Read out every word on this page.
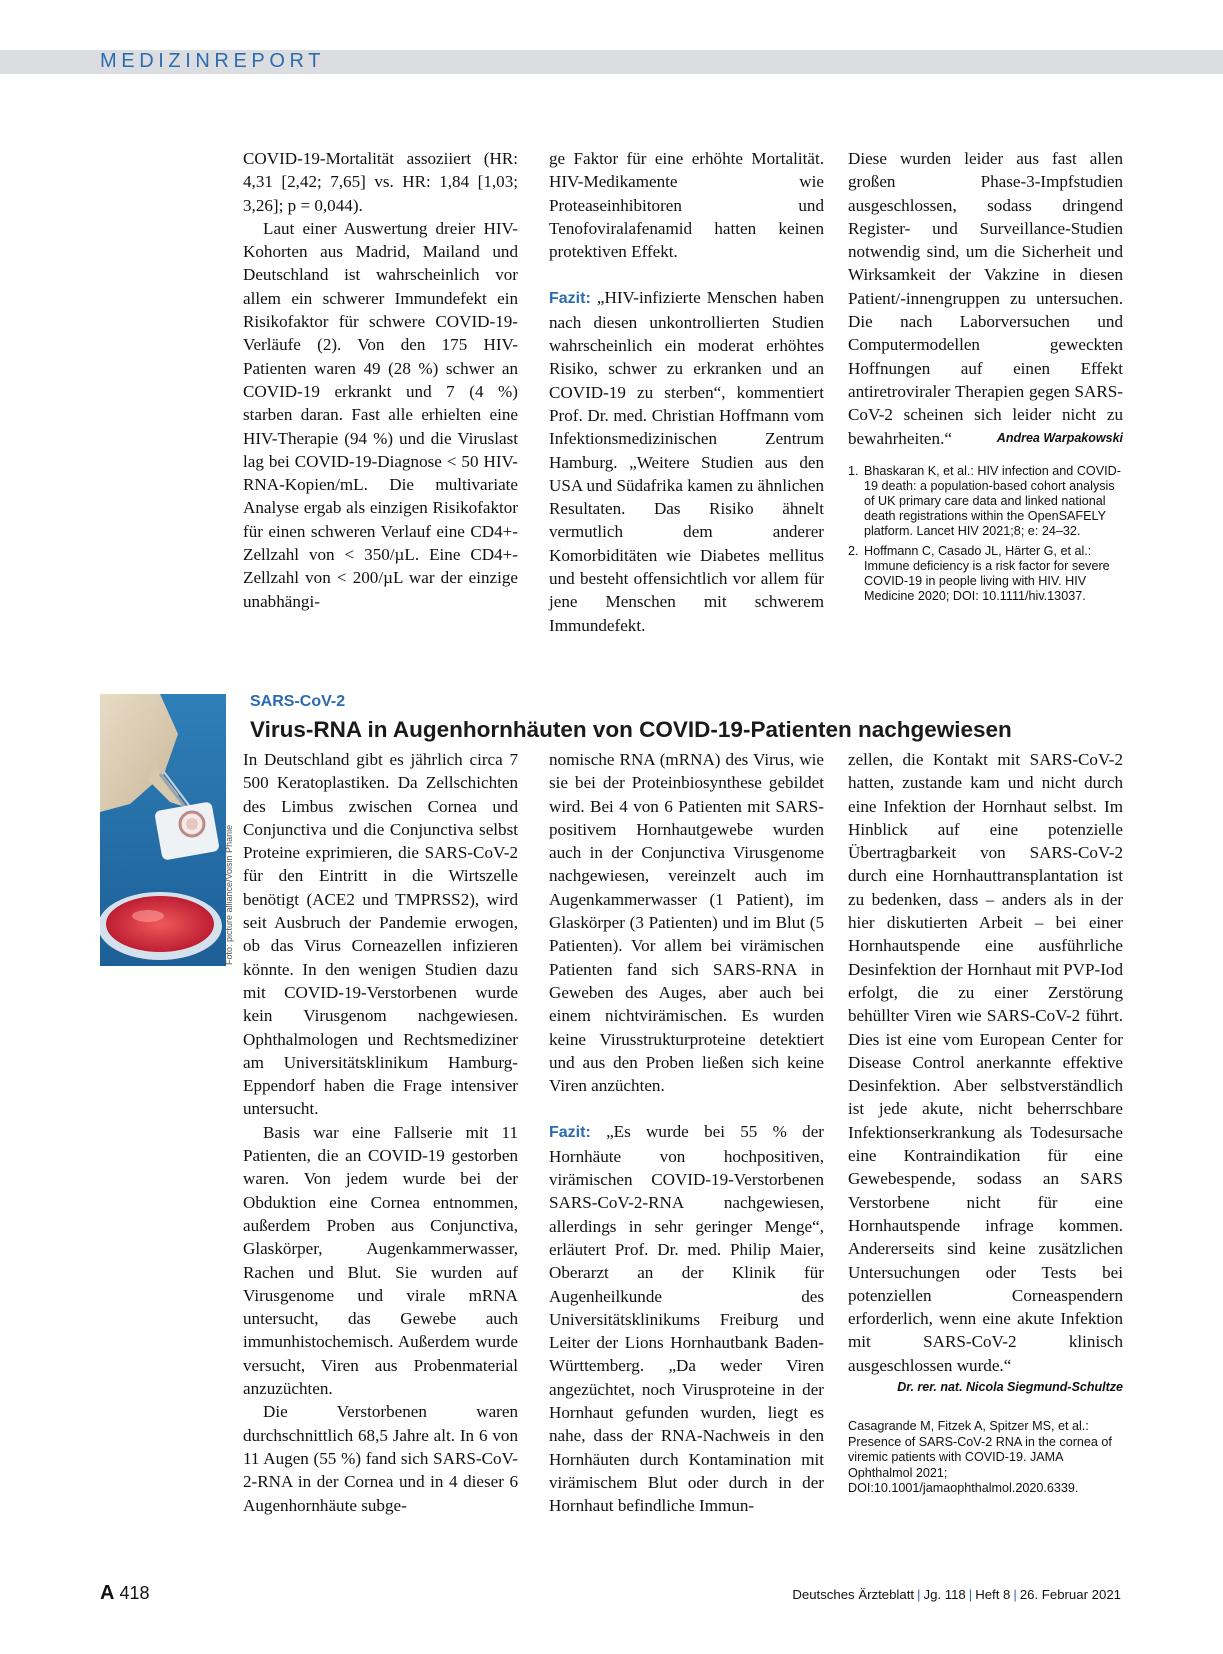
MEDIZINREPORT

COVID-19-Mortalität assoziiert (HR: 4,31 [2,42; 7,65] vs. HR: 1,84 [1,03; 3,26]; p = 0,044).

Laut einer Auswertung dreier HIV-Kohorten aus Madrid, Mailand und Deutschland ist wahrscheinlich vor allem ein schwerer Immundefekt ein Risikofaktor für schwere COVID-19-Verläufe (2). Von den 175 HIV-Patienten waren 49 (28 %) schwer an COVID-19 erkrankt und 7 (4 %) starben daran. Fast alle erhielten eine HIV-Therapie (94 %) und die Viruslast lag bei COVID-19-Diagnose < 50 HIV-RNA-Kopien/mL. Die multivariate Analyse ergab als einzigen Risikofaktor für einen schweren Verlauf eine CD4+-Zellzahl von < 350/µL. Eine CD4+-Zellzahl von < 200/µL war der einzige unabhängi-

ge Faktor für eine erhöhte Mortalität. HIV-Medikamente wie Proteaseinhibitoren und Tenofoviralafenamid hatten keinen protektiven Effekt.

Fazit: „HIV-infizierte Menschen haben nach diesen unkontrollierten Studien wahrscheinlich ein moderat erhöhtes Risiko, schwer zu erkranken und an COVID-19 zu sterben“, kommentiert Prof. Dr. med. Christian Hoffmann vom Infektionsmedizinischen Zentrum Hamburg. „Weitere Studien aus den USA und Südafrika kamen zu ähnlichen Resultaten. Das Risiko ähnelt vermutlich dem anderer Komorbiditäten wie Diabetes mellitus und besteht offensichtlich vor allem für jene Menschen mit schwerem Immundefekt.

Diese wurden leider aus fast allen großen Phase-3-Impfstudien ausgeschlossen, sodass dringend Register- und Surveillance-Studien notwendig sind, um die Sicherheit und Wirksamkeit der Vakzine in diesen Patient/-innengruppen zu untersuchen. Die nach Laborversuchen und Computermodellen geweckten Hoffnungen auf einen Effekt antiretroviraler Therapien gegen SARS-CoV-2 scheinen sich leider nicht zu bewahrheiten.“	Andrea Warpakowski

1. Bhaskaran K, et al.: HIV infection and COVID-19 death: a population-based cohort analysis of UK primary care data and linked national death registrations within the OpenSAFELY platform. Lancet HIV 2021;8; e: 24–32.
2. Hoffmann C, Casado JL, Härter G, et al.: Immune deficiency is a risk factor for severe COVID-19 in people living with HIV. HIV Medicine 2020; DOI: 10.1111/hiv.13037.
Foto: picture alliance/Voisin Phanie
SARS-CoV-2
Virus-RNA in Augenhornhäuten von COVID-19-Patienten nachgewiesen

In Deutschland gibt es jährlich circa 7 500 Keratoplastiken. Da Zellschichten des Limbus zwischen Cornea und Conjunctiva und die Conjunctiva selbst Proteine exprimieren, die SARS-CoV-2 für den Eintritt in die Wirtszelle benötigt (ACE2 und TMPRSS2), wird seit Ausbruch der Pandemie erwogen, ob das Virus Corneazellen infizieren könnte. In den wenigen Studien dazu mit COVID-19-Verstorbenen wurde kein Virusgenom nachgewiesen. Ophthalmologen und Rechtsmediziner am Universitätsklinikum Hamburg-Eppendorf haben die Frage intensiver untersucht.

Basis war eine Fallserie mit 11 Patienten, die an COVID-19 gestorben waren. Von jedem wurde bei der Obduktion eine Cornea entnommen, außerdem Proben aus Conjunctiva, Glaskörper, Augenkammerwasser, Rachen und Blut. Sie wurden auf Virusgenome und virale mRNA untersucht, das Gewebe auch immunhistochemisch. Außerdem wurde versucht, Viren aus Probenmaterial anzuzüchten.

Die Verstorbenen waren durchschnittlich 68,5 Jahre alt. In 6 von 11 Augen (55 %) fand sich SARS-CoV-2-RNA in der Cornea und in 4 dieser 6 Augenhornhäute subge-

nomische RNA (mRNA) des Virus, wie sie bei der Proteinbiosynthese gebildet wird. Bei 4 von 6 Patienten mit SARS-positivem Hornhautgewebe wurden auch in der Conjunctiva Virusgenome nachgewiesen, vereinzelt auch im Augenkammerwasser (1 Patient), im Glaskörper (3 Patienten) und im Blut (5 Patienten). Vor allem bei virämischen Patienten fand sich SARS-RNA in Geweben des Auges, aber auch bei einem nichtvirämischen. Es wurden keine Virusstrukturproteine detektiert und aus den Proben ließen sich keine Viren anzüchten.

Fazit: „Es wurde bei 55 % der Hornhäute von hochpositiven, virämischen COVID-19-Verstorbenen SARS-CoV-2-RNA nachgewiesen, allerdings in sehr geringer Menge“, erläutert Prof. Dr. med. Philip Maier, Oberarzt an der Klinik für Augenheilkunde des Universitätsklinikums Freiburg und Leiter der Lions Hornhautbank Baden-Württemberg. „Da weder Viren angezüchtet, noch Virusproteine in der Hornhaut gefunden wurden, liegt es nahe, dass der RNA-Nachweis in den Hornhäuten durch Kontamination mit virämischem Blut oder durch in der Hornhaut befindliche Immun-

zellen, die Kontakt mit SARS-CoV-2 hatten, zustande kam und nicht durch eine Infektion der Hornhaut selbst. Im Hinblick auf eine potenzielle Übertragbarkeit von SARS-CoV-2 durch eine Hornhauttransplantation ist zu bedenken, dass – anders als in der hier diskutierten Arbeit – bei einer Hornhautspende eine ausführliche Desinfektion der Hornhaut mit PVP-Iod erfolgt, die zu einer Zerstörung behüllter Viren wie SARS-CoV-2 führt. Dies ist eine vom European Center for Disease Control anerkannte effektive Desinfektion. Aber selbstverständlich ist jede akute, nicht beherrschbare Infektionserkrankung als Todesursache eine Kontraindikation für eine Gewebespende, sodass an SARS Verstorbene nicht für eine Hornhautspende infrage kommen. Andererseits sind keine zusätzlichen Untersuchungen oder Tests bei potenziellen Corneaspendern erforderlich, wenn eine akute Infektion mit SARS-CoV-2 klinisch ausgeschlossen wurde.“

Dr. rer. nat. Nicola Siegmund-Schultze
Casagrande M, Fitzek A, Spitzer MS, et al.: Presence of SARS-CoV-2 RNA in the cornea of viremic patients with COVID-19. JAMA Ophthalmol 2021; DOI:10.1001/jamaophthalmol.2020.6339.
A 418	Deutsches Ärzteblatt | Jg. 118 | Heft 8 | 26. Februar 2021
